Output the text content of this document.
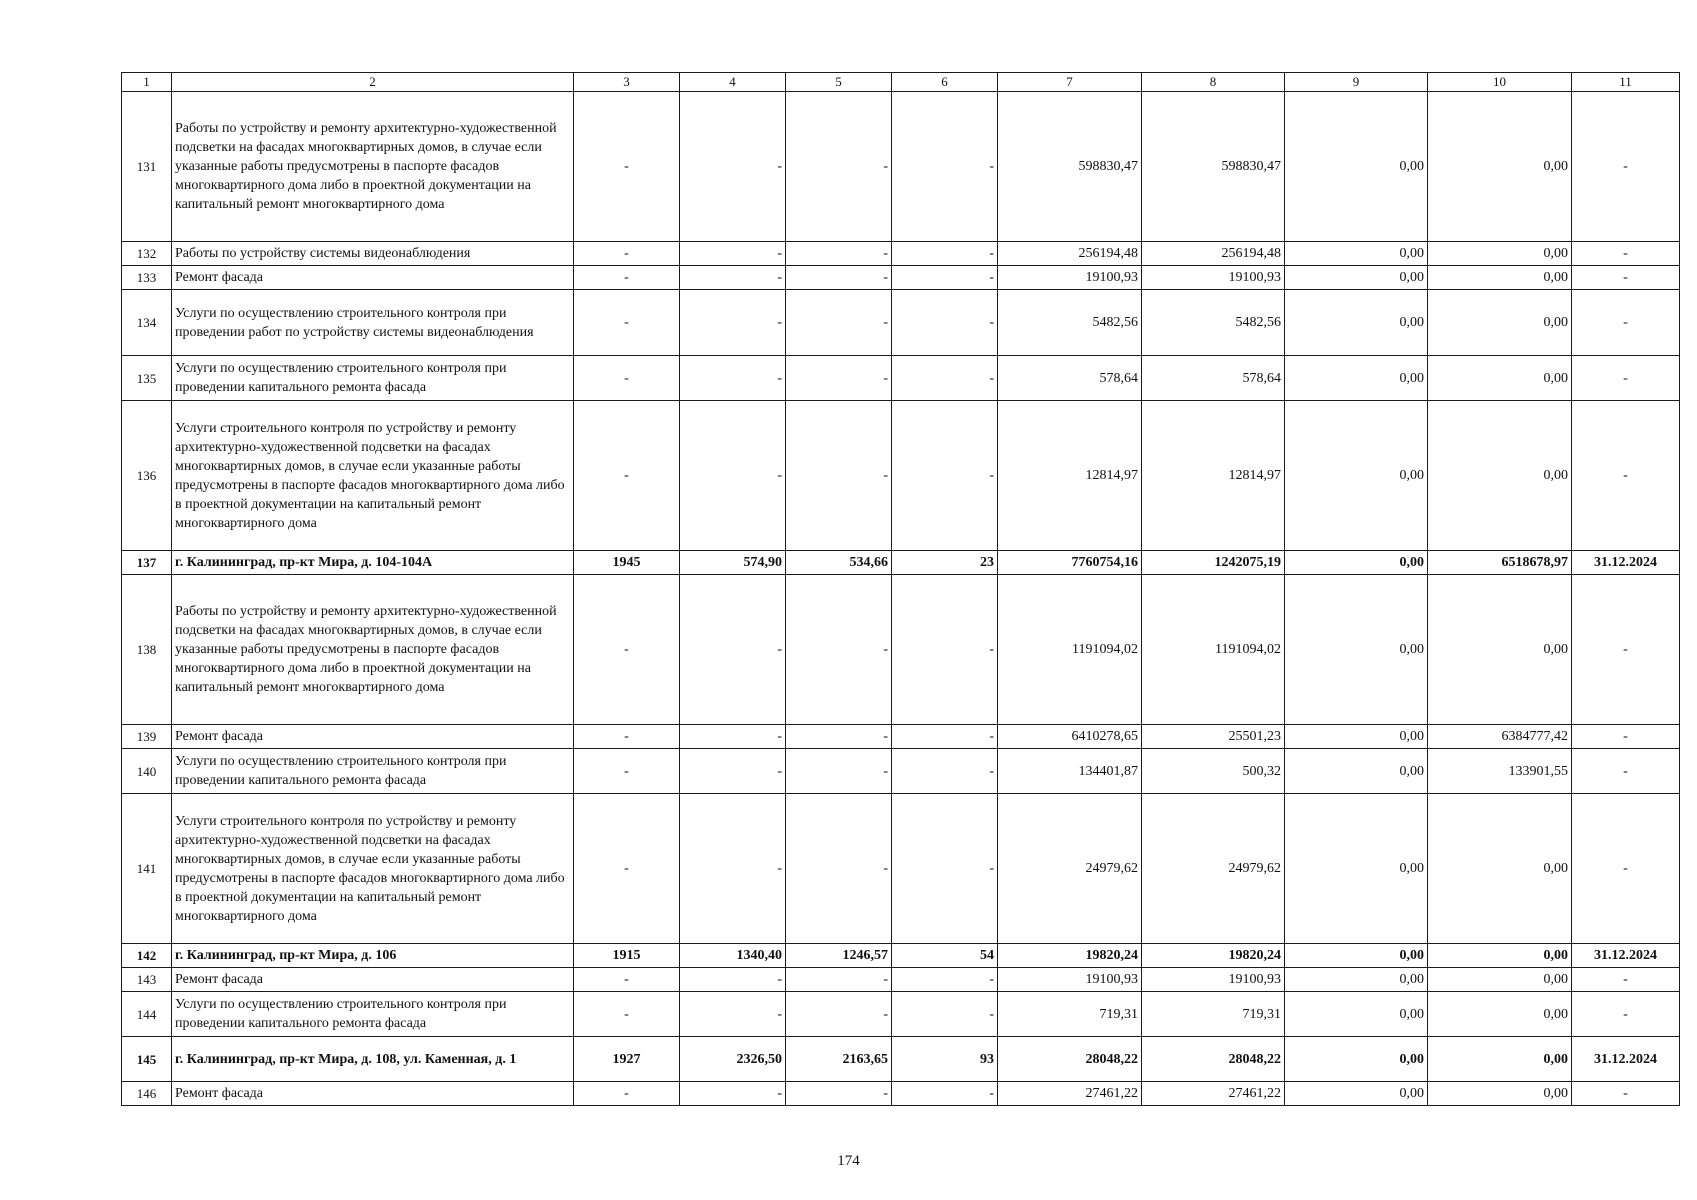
1	2	3	4	5	6	7	8	9	10	11
131	Работы по устройству и ремонту архитектурно-художественной подсветки на фасадах многоквартирных домов, в случае если указанные работы предусмотрены в паспорте фасадов многоквартирного дома либо в проектной документации на капитальный ремонт многоквартирного дома	-	-	-	-	598830,47	598830,47	0,00	0,00	-
132	Работы по устройству системы видеонаблюдения	-	-	-	-	256194,48	256194,48	0,00	0,00	-
133	Ремонт фасада	-	-	-	-	19100,93	19100,93	0,00	0,00	-
134	Услуги по осуществлению строительного контроля при проведении работ по устройству системы видеонаблюдения	-	-	-	-	5482,56	5482,56	0,00	0,00	-
135	Услуги по осуществлению строительного контроля при проведении капитального ремонта фасада	-	-	-	-	578,64	578,64	0,00	0,00	-
136	Услуги строительного контроля по устройству и ремонту архитектурно-художественной подсветки на фасадах многоквартирных домов, в случае если указанные работы предусмотрены в паспорте фасадов многоквартирного дома либо в проектной документации на капитальный ремонт многоквартирного дома	-	-	-	-	12814,97	12814,97	0,00	0,00	-
137	г. Калининград, пр-кт Мира, д. 104-104А	1945	574,90	534,66	23	7760754,16	1242075,19	0,00	6518678,97	31.12.2024
138	Работы по устройству и ремонту архитектурно-художественной подсветки на фасадах многоквартирных домов, в случае если указанные работы предусмотрены в паспорте фасадов многоквартирного дома либо в проектной документации на капитальный ремонт многоквартирного дома	-	-	-	-	1191094,02	1191094,02	0,00	0,00	-
139	Ремонт фасада	-	-	-	-	6410278,65	25501,23	0,00	6384777,42	-
140	Услуги по осуществлению строительного контроля при проведении капитального ремонта фасада	-	-	-	-	134401,87	500,32	0,00	133901,55	-
141	Услуги строительного контроля по устройству и ремонту архитектурно-художественной подсветки на фасадах многоквартирных домов, в случае если указанные работы предусмотрены в паспорте фасадов многоквартирного дома либо в проектной документации на капитальный ремонт многоквартирного дома	-	-	-	-	24979,62	24979,62	0,00	0,00	-
142	г. Калининград, пр-кт Мира, д. 106	1915	1340,40	1246,57	54	19820,24	19820,24	0,00	0,00	31.12.2024
143	Ремонт фасада	-	-	-	-	19100,93	19100,93	0,00	0,00	-
144	Услуги по осуществлению строительного контроля при проведении капитального ремонта фасада	-	-	-	-	719,31	719,31	0,00	0,00	-
145	г. Калининград, пр-кт Мира, д. 108, ул. Каменная, д. 1	1927	2326,50	2163,65	93	28048,22	28048,22	0,00	0,00	31.12.2024
146	Ремонт фасада	-	-	-	-	27461,22	27461,22	0,00	0,00	-
174
